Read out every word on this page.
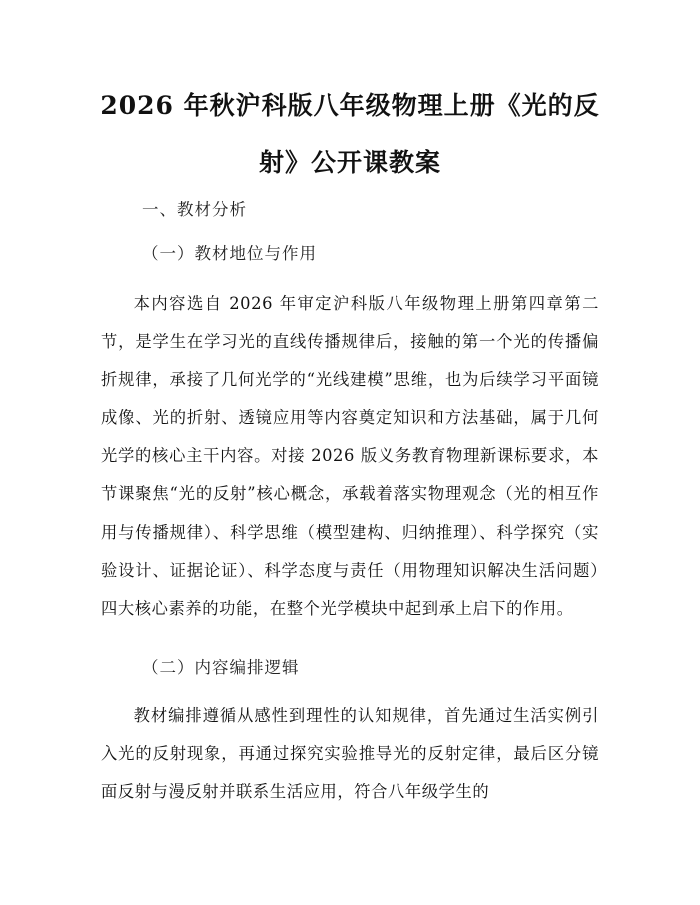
2026 年秋沪科版八年级物理上册《光的反
射》公开课教案
一、教材分析
（一）教材地位与作用

本内容选自 2026 年审定沪科版八年级物理上册第四章第二节，是学生在学习光的直线传播规律后，接触的第一个光的传播偏折规律，承接了几何光学的“光线建模”思维，也为后续学习平面镜成像、光的折射、透镜应用等内容奠定知识和方法基础，属于几何光学的核心主干内容。对接 2026 版义务教育物理新课标要求，本节课聚焦“光的反射”核心概念，承载着落实物理观念（光的相互作用与传播规律）、科学思维（模型建构、归纳推理）、科学探究（实验设计、证据论证）、科学态度与责任（用物理知识解决生活问题）四大核心素养的功能，在整个光学模块中起到承上启下的作用。

（二）内容编排逻辑

教材编排遵循从感性到理性的认知规律，首先通过生活实例引入光的反射现象，再通过探究实验推导光的反射定律，最后区分镜面反射与漫反射并联系生活应用，符合八年级学生的
